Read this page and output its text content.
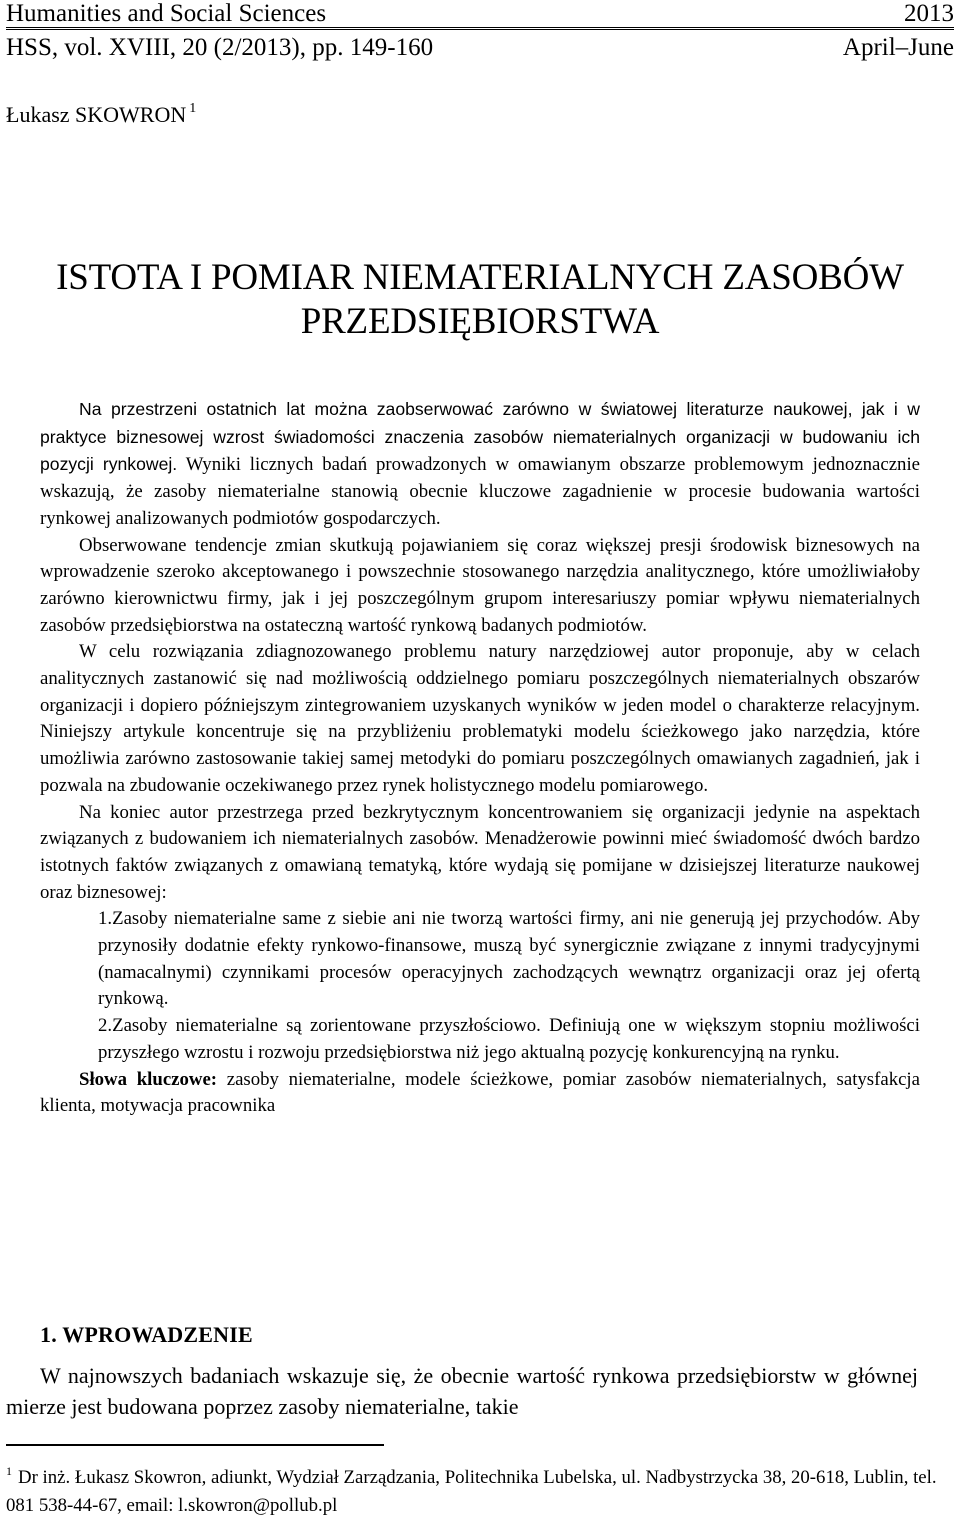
Humanities and Social Sciences	2013
HSS, vol. XVIII, 20 (2/2013), pp. 149-160	April–June
Łukasz SKOWRON $^1$
ISTOTA I POMIAR NIEMATERIALNYCH ZASOBÓW
PRZEDSIĘBIORSTWA

Na przestrzeni ostatnich lat można zaobserwować zarówno w światowej literaturze naukowej, jak i w praktyce biznesowej wzrost świadomości znaczenia zasobów niematerialnych organizacji w budowaniu ich pozycji rynkowej. Wyniki licznych badań prowadzonych w omawianym obszarze problemowym jednoznacznie wskazują, że zasoby niematerialne stanowią obecnie kluczowe zagadnienie w procesie budowania wartości rynkowej analizowanych podmiotów gospodarczych.

Obserwowane tendencje zmian skutkują pojawianiem się coraz większej presji środowisk biznesowych na wprowadzenie szeroko akceptowanego i powszechnie stosowanego narzędzia analitycznego, które umożliwiałoby zarówno kierownictwu firmy, jak i jej poszczególnym grupom interesariuszy pomiar wpływu niematerialnych zasobów przedsiębiorstwa na ostateczną wartość rynkową badanych podmiotów.

W celu rozwiązania zdiagnozowanego problemu natury narzędziowej autor proponuje, aby w celach analitycznych zastanowić się nad możliwością oddzielnego pomiaru poszczególnych niematerialnych obszarów organizacji i dopiero późniejszym zintegrowaniem uzyskanych wyników w jeden model o charakterze relacyjnym. Niniejszy artykule koncentruje się na przybliżeniu problematyki modelu ścieżkowego jako narzędzia, które umożliwia zarówno zastosowanie takiej samej metodyki do pomiaru poszczególnych omawianych zagadnień, jak i pozwala na zbudowanie oczekiwanego przez rynek holistycznego modelu pomiarowego.

Na koniec autor przestrzega przed bezkrytycznym koncentrowaniem się organizacji jedynie na aspektach związanych z budowaniem ich niematerialnych zasobów. Menadżerowie powinni mieć świadomość dwóch bardzo istotnych faktów związanych z omawianą tematyką, które wydają się pomijane w dzisiejszej literaturze naukowej oraz biznesowej:

1.Zasoby niematerialne same z siebie ani nie tworzą wartości firmy, ani nie generują jej przychodów. Aby przynosiły dodatnie efekty rynkowo-finansowe, muszą być synergicznie związane z innymi tradycyjnymi (namacalnymi) czynnikami procesów operacyjnych zachodzących wewnątrz organizacji oraz jej ofertą rynkową.
2.Zasoby niematerialne są zorientowane przyszłościowo. Definiują one w większym stopniu możliwości przyszłego wzrostu i rozwoju przedsiębiorstwa niż jego aktualną pozycję konkurencyjną na rynku.

Słowa kluczowe: zasoby niematerialne, modele ścieżkowe, pomiar zasobów niematerialnych, satysfakcja klienta, motywacja pracownika

1. WPROWADZENIE

W najnowszych badaniach wskazuje się, że obecnie wartość rynkowa przedsiębiorstw w głównej mierze jest budowana poprzez zasoby niematerialne, takie

$^1$ Dr inż. Łukasz Skowron, adiunkt, Wydział Zarządzania, Politechnika Lubelska, ul. Nadbystrzycka 38, 20-618, Lublin, tel. 081 538-44-67, email: l.skowron@pollub.pl
